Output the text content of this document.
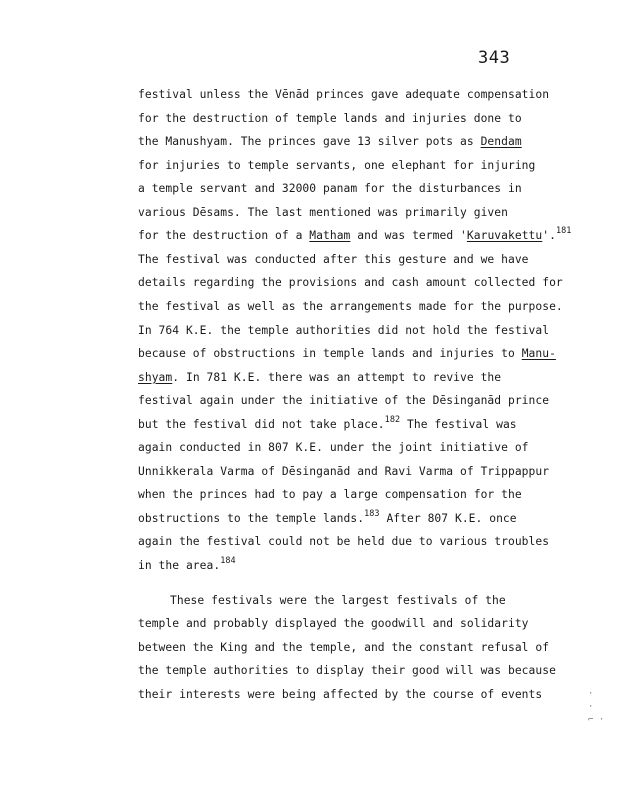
343
festival unless the Vēnād princes gave adequate compensation
for the destruction of temple lands and injuries done to
the Manushyam. The princes gave 13 silver pots as Dendam
for injuries to temple servants, one elephant for injuring
a temple servant and 32000 panam for the disturbances in
various Dēsams. The last mentioned was primarily given
for the destruction of a Matham and was termed 'Karuvakettu'.$^{181}$
The festival was conducted after this gesture and we have
details regarding the provisions and cash amount collected for
the festival as well as the arrangements made for the purpose.
In 764 K.E. the temple authorities did not hold the festival
because of obstructions in temple lands and injuries to Manu-
shyam. In 781 K.E. there was an attempt to revive the
festival again under the initiative of the Dēsinganād prince
but the festival did not take place.$^{182}$ The festival was
again conducted in 807 K.E. under the joint initiative of
Unnikkerala Varma of Dēsinganād and Ravi Varma of Trippappur
when the princes had to pay a large compensation for the
obstructions to the temple lands.$^{183}$ After 807 K.E. once
again the festival could not be held due to various troubles
in the area.$^{184}$
These festivals were the largest festivals of the
temple and probably displayed the goodwill and solidarity
between the King and the temple, and the constant refusal of
the temple authorities to display their good will was because
their interests were being affected by the course of events	·
·
⌐ ·
